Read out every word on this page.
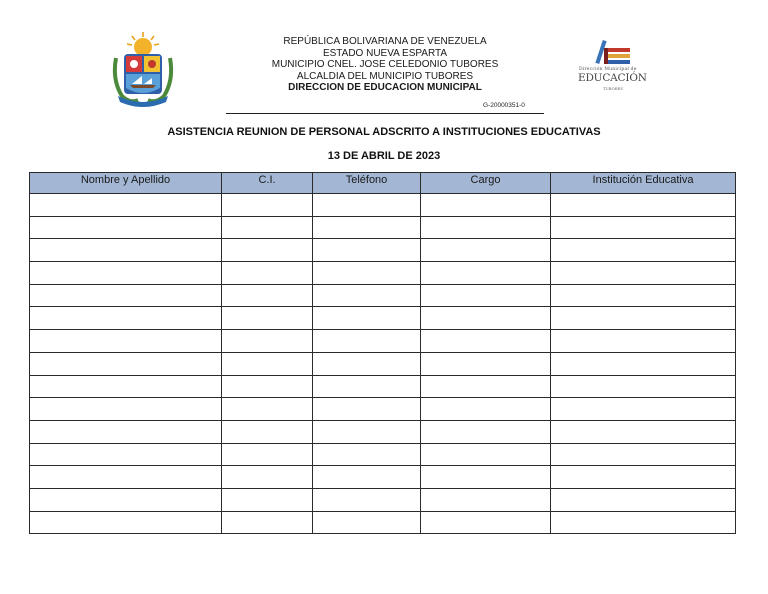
REPÚBLICA BOLIVARIANA DE VENEZUELA
ESTADO NUEVA ESPARTA
MUNICIPIO CNEL. JOSE CELEDONIO TUBORES
ALCALDIA DEL MUNICIPIO TUBORES
DIRECCION DE EDUCACION MUNICIPAL
G-20000351-0
Dirección Municipal de
EDUCACIÓN
TUBORES
ASISTENCIA REUNION DE PERSONAL ADSCRITO A INSTITUCIONES EDUCATIVAS
13 DE ABRIL DE 2023
Nombre y Apellido	C.I.	Teléfono	Cargo	Institución Educativa
